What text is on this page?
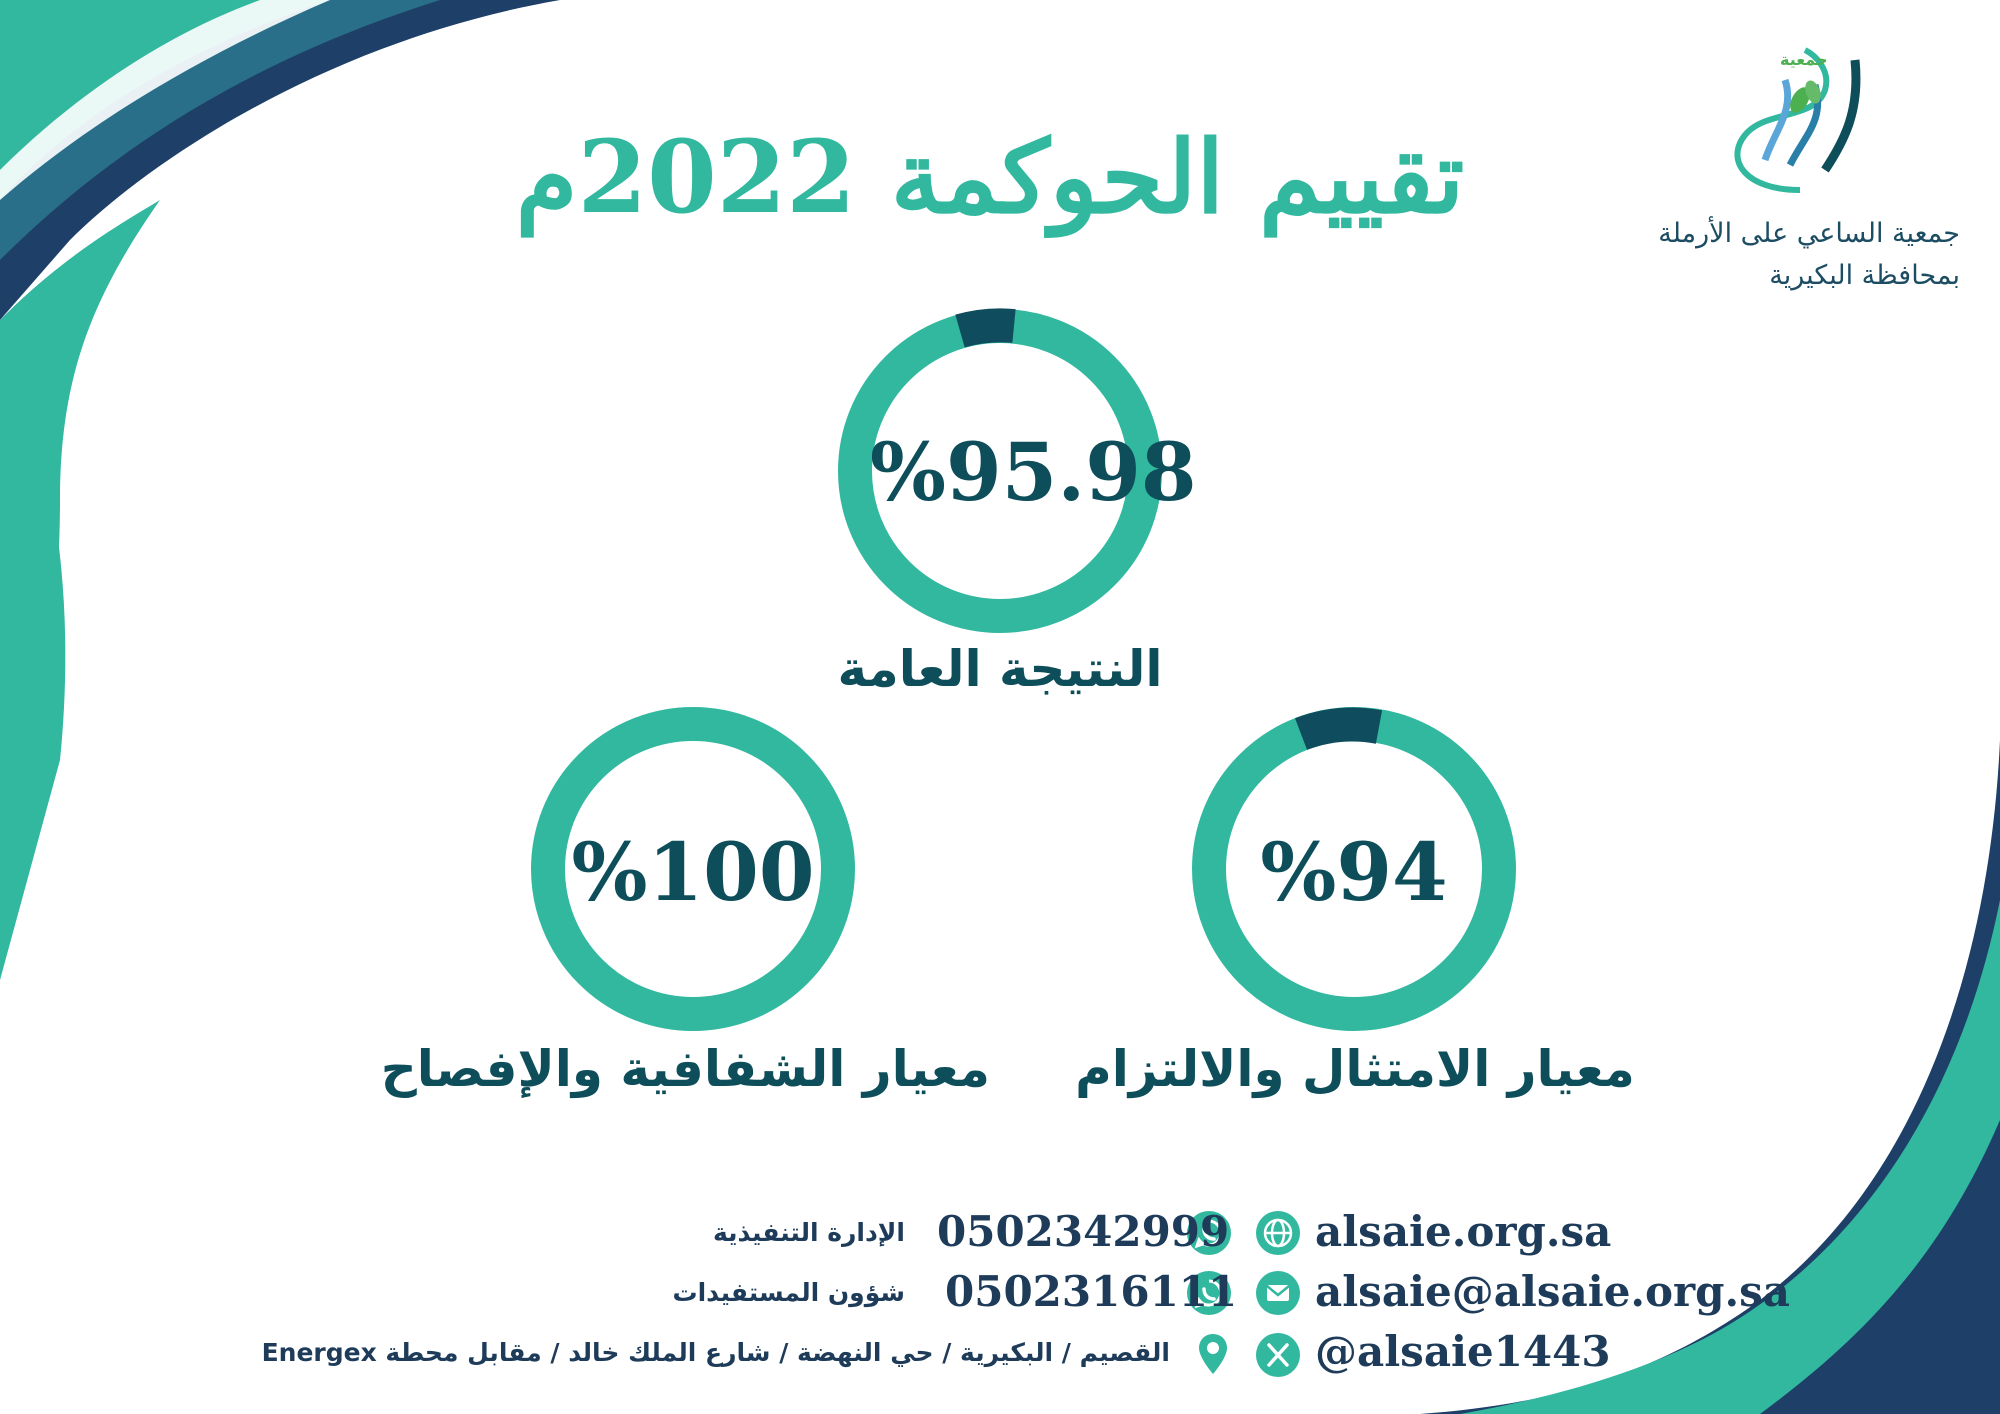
جمعية
جمعية الساعي على الأرملة
بمحافظة البكيرية
تقييم الحوكمة 2022م
%95.98
النتيجة العامة
%94
معيار الامتثال والالتزام
%100
معيار الشفافية والإفصاح
alsaie.org.sa
0502342999
الإدارة التنفيذية
alsaie@alsaie.org.sa
0502316111
شؤون المستفيدات
@alsaie1443
القصيم / البكيرية / حي النهضة / شارع الملك خالد / مقابل محطة Energex
